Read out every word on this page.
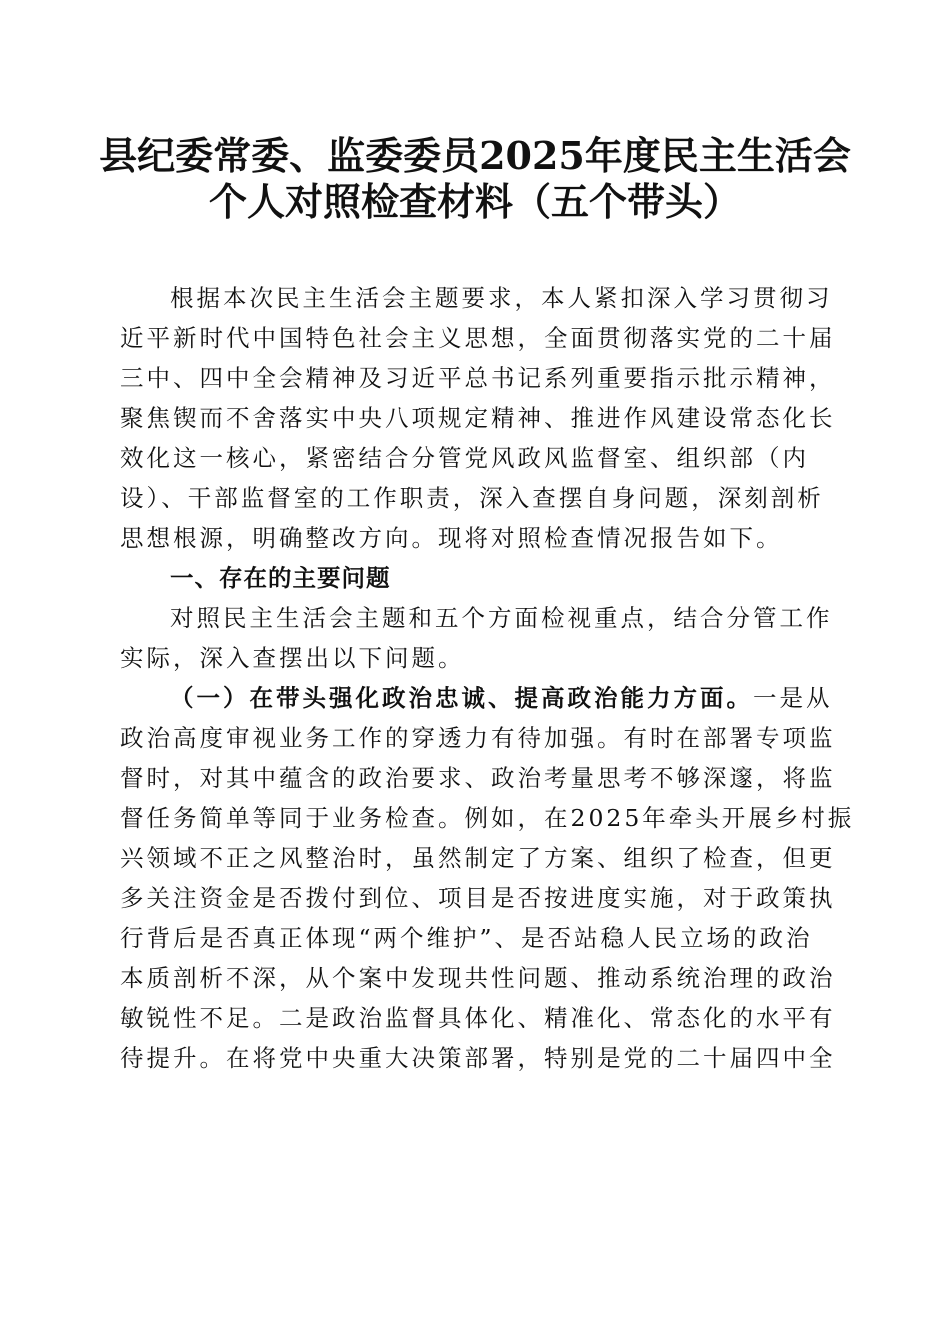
县纪委常委、监委委员2025年度民主生活会
个人对照检查材料（五个带头）
根据本次民主生活会主题要求，本人紧扣深入学习贯彻习
近平新时代中国特色社会主义思想，全面贯彻落实党的二十届
三中、四中全会精神及习近平总书记系列重要指示批示精神，
聚焦锲而不舍落实中央八项规定精神、推进作风建设常态化长
效化这一核心，紧密结合分管党风政风监督室、组织部（内
设）、干部监督室的工作职责，深入查摆自身问题，深刻剖析
思想根源，明确整改方向。现将对照检查情况报告如下。
一、存在的主要问题
对照民主生活会主题和五个方面检视重点，结合分管工作
实际，深入查摆出以下问题。
（一）在带头强化政治忠诚、提高政治能力方面。一是从
政治高度审视业务工作的穿透力有待加强。有时在部署专项监
督时，对其中蕴含的政治要求、政治考量思考不够深邃，将监
督任务简单等同于业务检查。例如，在2025年牵头开展乡村振
兴领域不正之风整治时，虽然制定了方案、组织了检查，但更
多关注资金是否拨付到位、项目是否按进度实施，对于政策执
行背后是否真正体现“两个维护”、是否站稳人民立场的政治
本质剖析不深，从个案中发现共性问题、推动系统治理的政治
敏锐性不足。二是政治监督具体化、精准化、常态化的水平有
待提升。在将党中央重大决策部署，特别是党的二十届四中全
